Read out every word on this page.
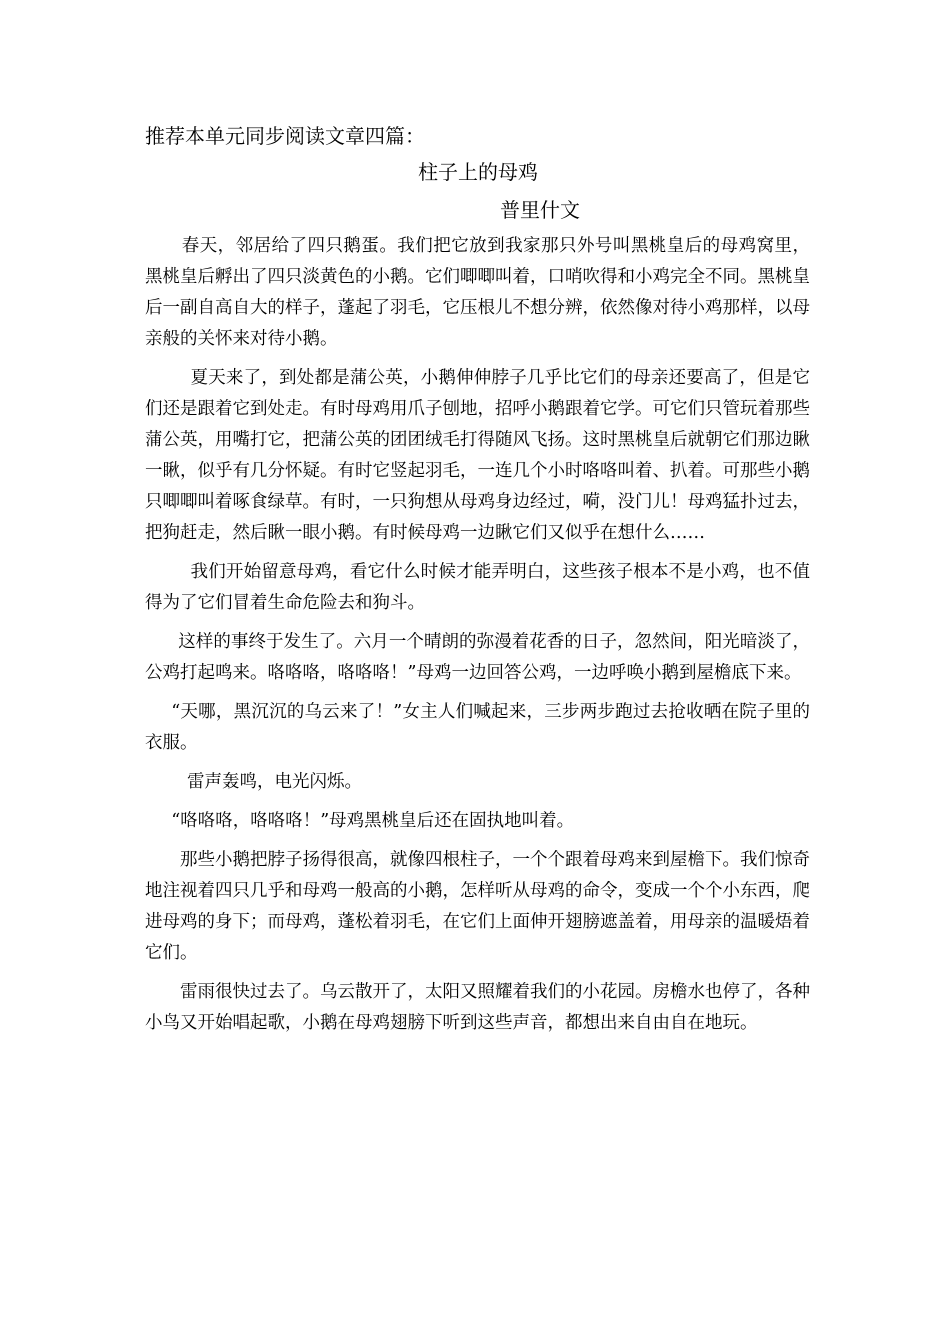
推荐本单元同步阅读文章四篇：
柱子上的母鸡
普里什文

春天，邻居给了四只鹅蛋。我们把它放到我家那只外号叫黑桃皇后的母鸡窝里，黑桃皇后孵出了四只淡黄色的小鹅。它们唧唧叫着，口哨吹得和小鸡完全不同。黑桃皇后一副自高自大的样子，蓬起了羽毛，它压根儿不想分辨，依然像对待小鸡那样，以母亲般的关怀来对待小鹅。

夏天来了，到处都是蒲公英，小鹅伸伸脖子几乎比它们的母亲还要高了，但是它们还是跟着它到处走。有时母鸡用爪子刨地，招呼小鹅跟着它学。可它们只管玩着那些蒲公英，用嘴打它，把蒲公英的团团绒毛打得随风飞扬。这时黑桃皇后就朝它们那边瞅一瞅，似乎有几分怀疑。有时它竖起羽毛，一连几个小时咯咯叫着、扒着。可那些小鹅只唧唧叫着啄食绿草。有时，一只狗想从母鸡身边经过，嗬，没门儿！母鸡猛扑过去，把狗赶走，然后瞅一眼小鹅。有时候母鸡一边瞅它们又似乎在想什么……

我们开始留意母鸡，看它什么时候才能弄明白，这些孩子根本不是小鸡，也不值得为了它们冒着生命危险去和狗斗。

这样的事终于发生了。六月一个晴朗的弥漫着花香的日子，忽然间，阳光暗淡了，公鸡打起鸣来。咯咯咯，咯咯咯！”母鸡一边回答公鸡，一边呼唤小鹅到屋檐底下来。

“天哪，黑沉沉的乌云来了！”女主人们喊起来，三步两步跑过去抢收晒在院子里的衣服。

雷声轰鸣，电光闪烁。

“咯咯咯，咯咯咯！”母鸡黑桃皇后还在固执地叫着。

那些小鹅把脖子扬得很高，就像四根柱子，一个个跟着母鸡来到屋檐下。我们惊奇地注视着四只几乎和母鸡一般高的小鹅，怎样听从母鸡的命令，变成一个个小东西，爬进母鸡的身下；而母鸡，蓬松着羽毛，在它们上面伸开翅膀遮盖着，用母亲的温暖焐着它们。

雷雨很快过去了。乌云散开了，太阳又照耀着我们的小花园。房檐水也停了，各种小鸟又开始唱起歌，小鹅在母鸡翅膀下听到这些声音，都想出来自由自在地玩。
